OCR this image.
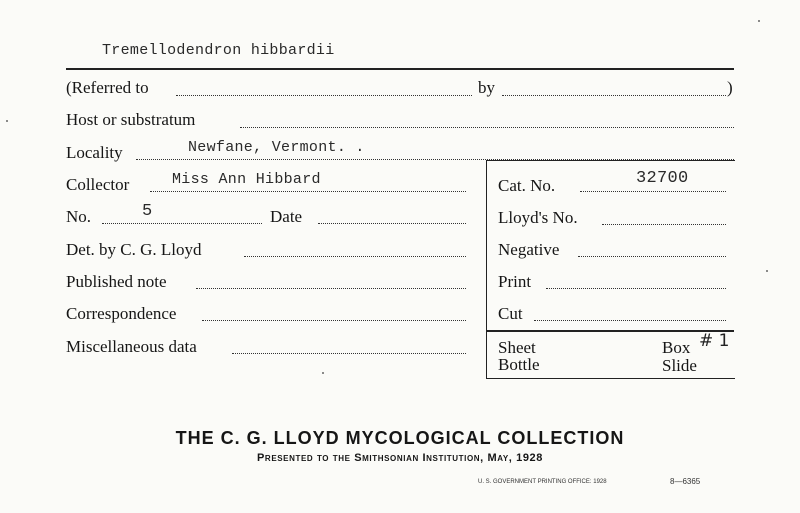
Tremellodendron hibbardii
(Referred to	by	)
Host or substratum
Locality	Newfane, Vermont. .
Collector	Miss Ann Hibbard
No.	5	Date
Det. by C. G. Lloyd
Published note
Correspondence
Miscellaneous data
Cat. No.	32700
Lloyd's No.
Negative
Print
Cut
Sheet
Bottle
Box # 1
Slide
THE C. G. LLOYD MYCOLOGICAL COLLECTION
Presented to the Smithsonian Institution, May, 1928
U. S. GOVERNMENT PRINTING OFFICE: 1928	8—6365
